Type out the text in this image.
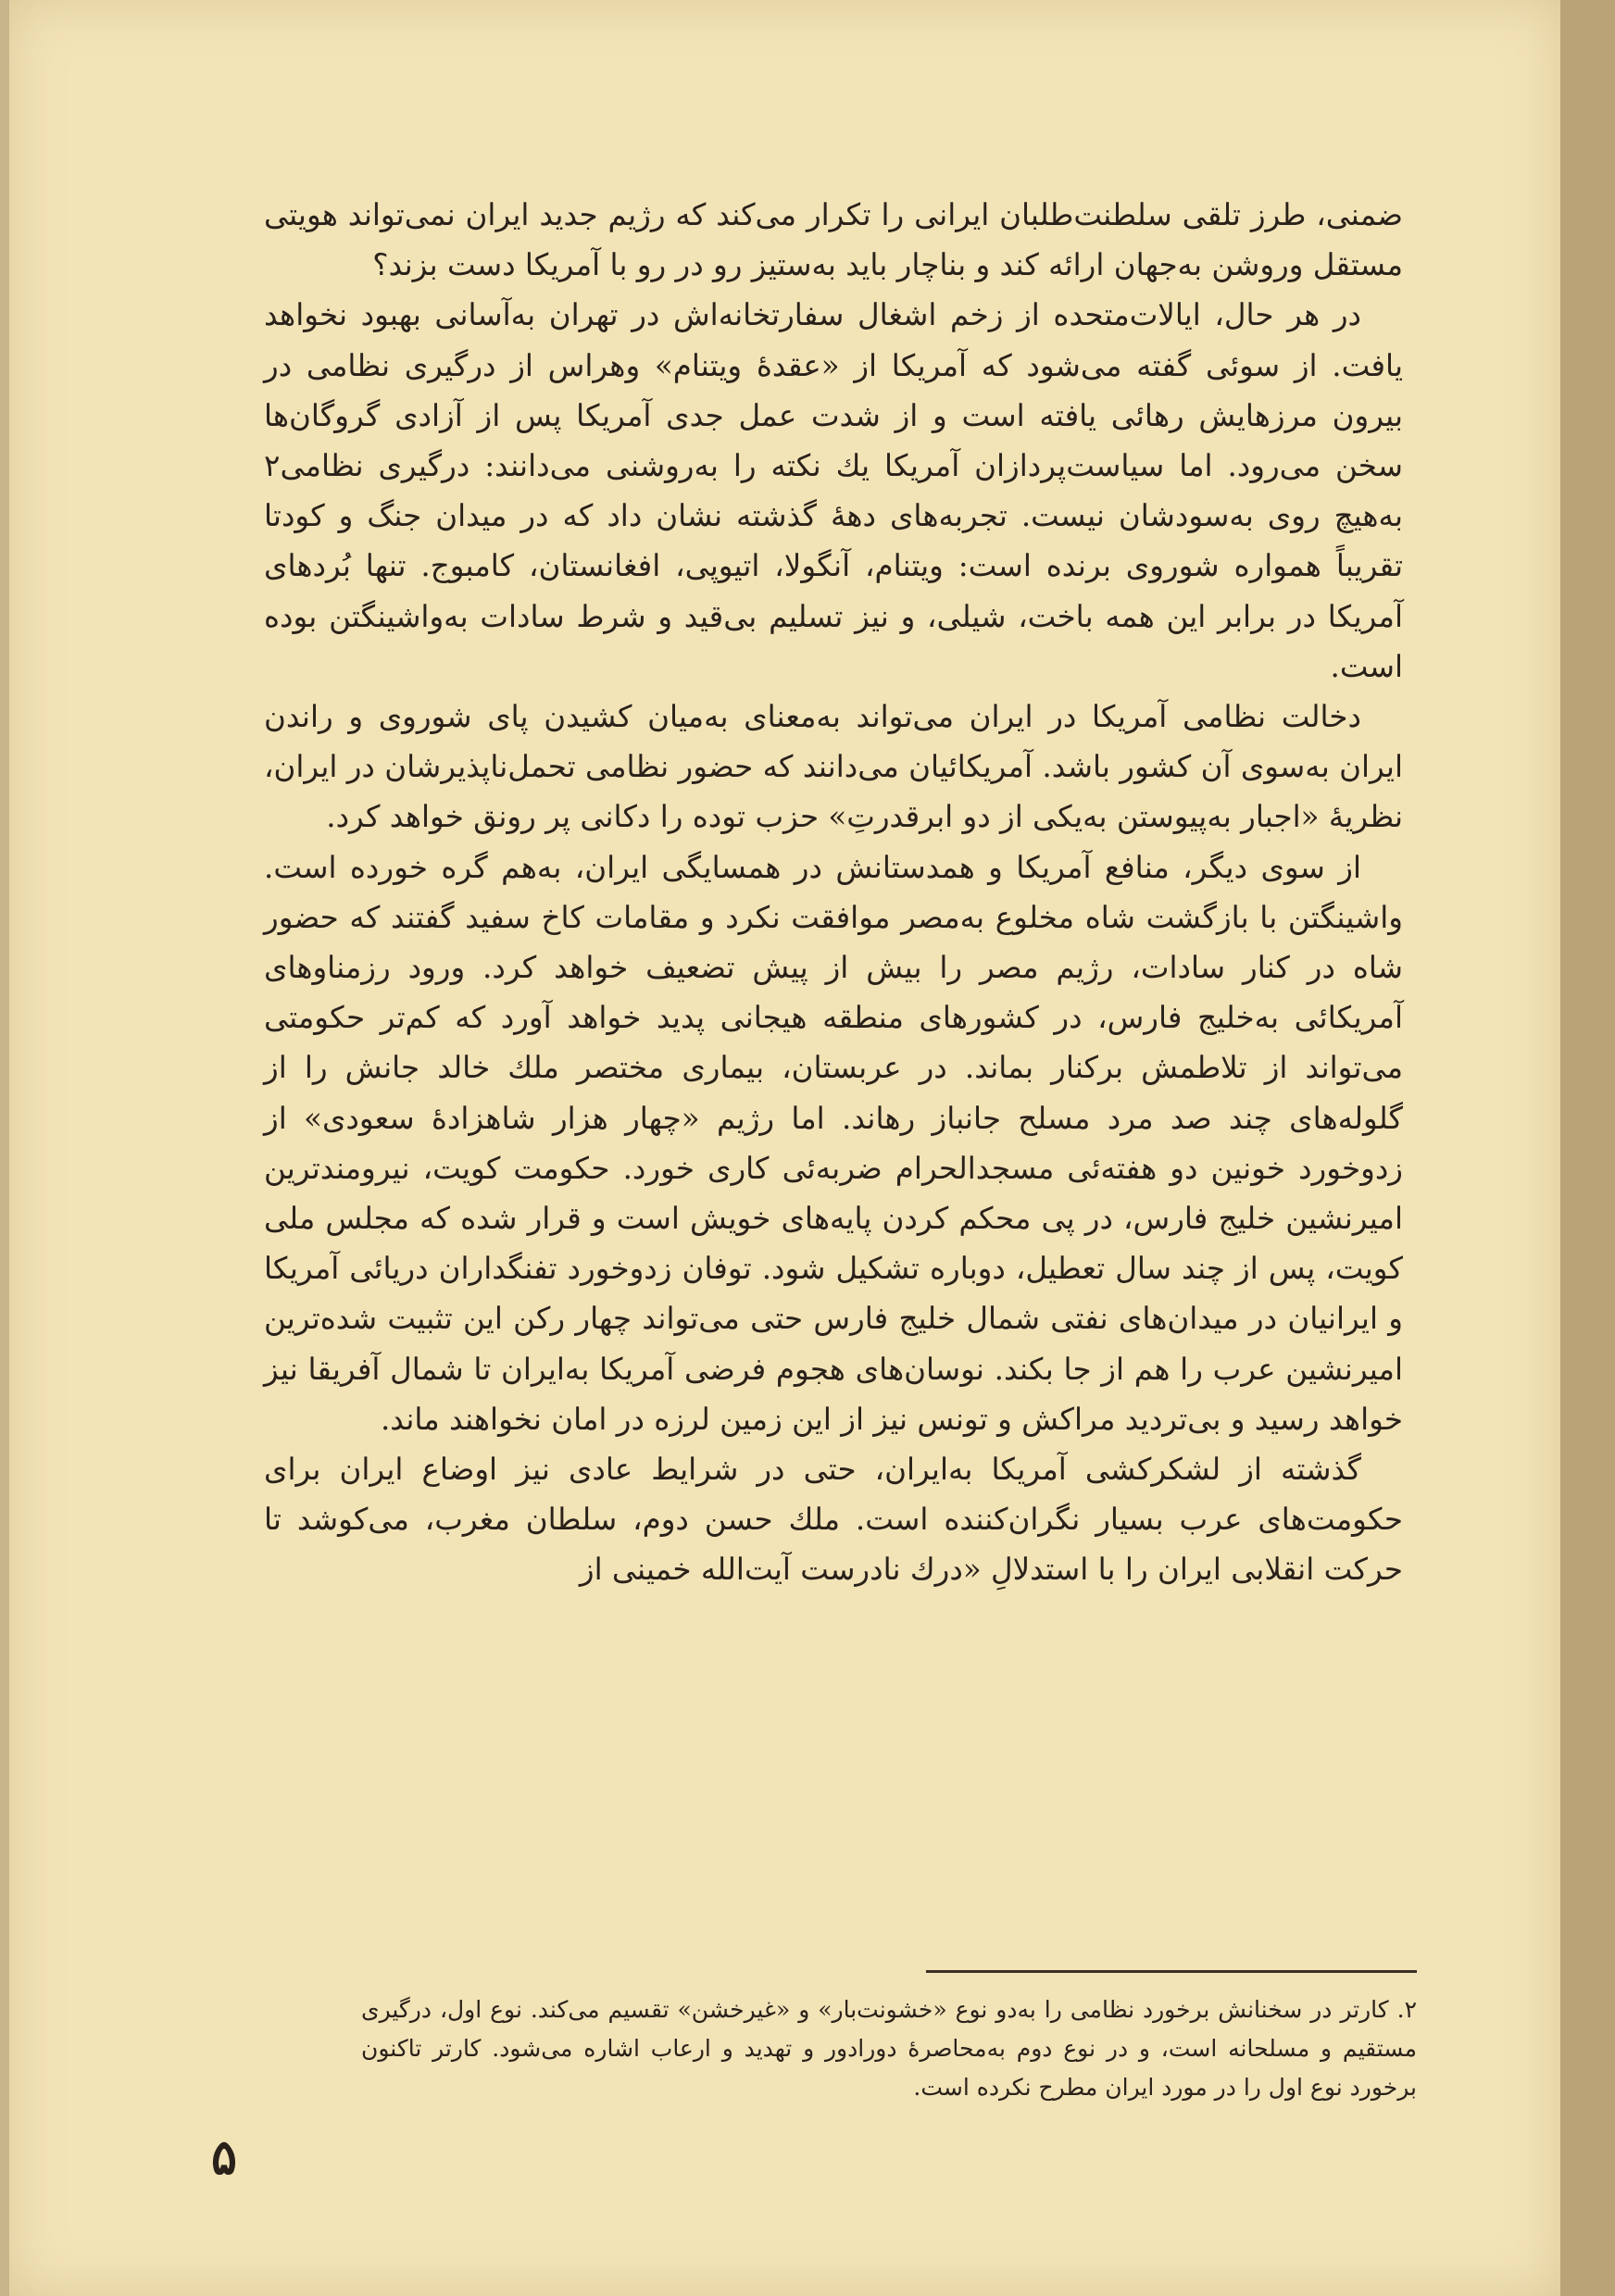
ضمنی، طرز تلقی سلطنت‌طلبان ایرانی را تکرار می‌کند که رژیم جدید ایران نمی‌تواند هویتی مستقل وروشن به‌جهان ارائه کند و بناچار باید به‌ستیز رو در رو با آمریکا دست بزند؟

در هر حال، ایالات‌متحده از زخم اشغال سفارتخانه‌اش در تهران به‌آسانی بهبود نخواهد یافت. از سوئی گفته می‌شود که آمریکا از «عقدهٔ ویتنام» وهراس از درگیری نظامی در بیرون مرزهایش رهائی یافته است و از شدت عمل جدی آمریکا پس از آزادی گروگان‌ها سخن می‌رود. اما سیاست‌پردازان آمریکا یك نکته را به‌روشنی می‌دانند: درگیری نظامی۲ به‌هیچ روی به‌سودشان نیست. تجربه‌های دههٔ گذشته نشان داد که در میدان جنگ و کودتا تقریباً همواره شوروی برنده است: ویتنام، آنگولا، اتیوپی، افغانستان، کامبوج. تنها بُردهای آمریکا در برابر این همه باخت، شیلی، و نیز تسلیم بی‌قید و شرط سادات به‌واشینگتن بوده است.

دخالت نظامی آمریکا در ایران می‌تواند به‌معنای به‌میان کشیدن پای شوروی و راندن ایران به‌سوی آن کشور باشد. آمریکائیان می‌دانند که حضور نظامی تحمل‌ناپذیرشان در ایران، نظریهٔ «اجبار به‌پیوستن به‌یکی از دو ابرقدرتِ» حزب توده را دکانی پر رونق خواهد کرد.

از سوی دیگر، منافع آمریکا و همدستانش در همسایگی ایران، به‌هم گره خورده است. واشینگتن با بازگشت شاه مخلوع به‌مصر موافقت نکرد و مقامات کاخ سفید گفتند که حضور شاه در کنار سادات، رژیم مصر را بیش از پیش تضعیف خواهد کرد. ورود رزمناوهای آمریکائی به‌خلیج فارس، در کشورهای منطقه هیجانی پدید خواهد آورد که کم‌تر حکومتی می‌تواند از تلاطمش برکنار بماند. در عربستان، بیماری مختصر ملك خالد جانش را از گلوله‌های چند صد مرد مسلح جانباز رهاند. اما رژیم «چهار هزار شاهزادهٔ سعودی» از زدوخورد خونین دو هفته‌ئی مسجدالحرام ضربه‌ئی کاری خورد. حکومت کویت، نیرومندترین امیرنشین خلیج فارس، در پی محکم کردن پایه‌های خویش است و قرار شده که مجلس ملی کویت، پس از چند سال تعطیل، دوباره تشکیل شود. توفان زدوخورد تفنگداران دریائی آمریکا و ایرانیان در میدان‌های نفتی شمال خلیج فارس حتی می‌تواند چهار رکن این تثبیت شده‌ترین امیرنشین عرب را هم از جا بکند. نوسان‌های هجوم فرضی آمریکا به‌ایران تا شمال آفریقا نیز خواهد رسید و بی‌تردید مراکش و تونس نیز از این زمین لرزه در امان نخواهند ماند.

گذشته از لشکرکشی آمریکا به‌ایران، حتی در شرایط عادی نیز اوضاع ایران برای حکومت‌های عرب بسیار نگران‌کننده است. ملك حسن دوم، سلطان مغرب، می‌کوشد تا حرکت انقلابی ایران را با استدلالِ «درك نادرست آیت‌الله خمینی از

۲. کارتر در سخنانش برخورد نظامی را به‌دو نوع «خشونت‌بار» و «غیرخشن» تقسیم می‌کند. نوع اول، درگیری مستقیم و مسلحانه است، و در نوع دوم به‌محاصرهٔ دورادور و تهدید و ارعاب اشاره می‌شود. کارتر تاکنون برخورد نوع اول را در مورد ایران مطرح نکرده است.
۵
